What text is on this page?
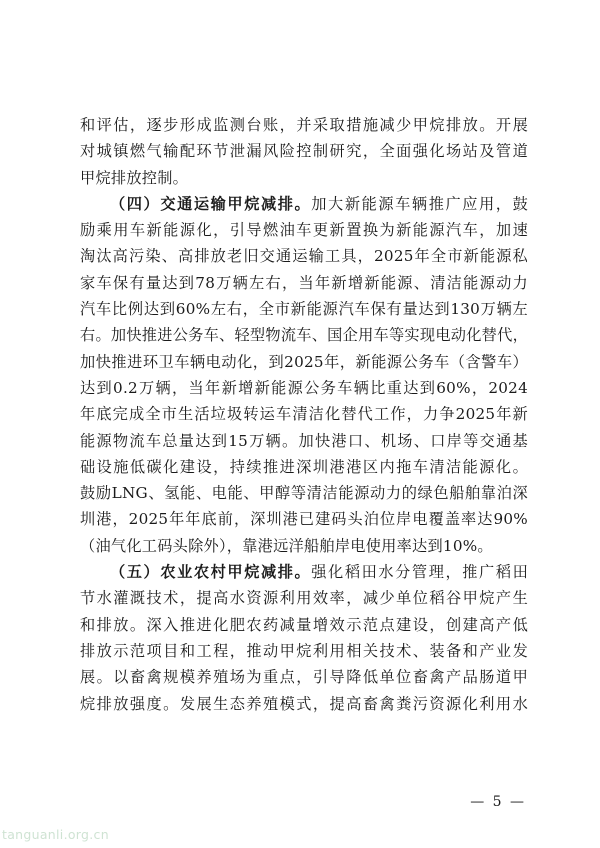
和评估，逐步形成监测台账，并采取措施减少甲烷排放。开展
对城镇燃气输配环节泄漏风险控制研究，全面强化场站及管道
甲烷排放控制。
（四）交通运输甲烷减排。加大新能源车辆推广应用，鼓
励乘用车新能源化，引导燃油车更新置换为新能源汽车，加速
淘汰高污染、高排放老旧交通运输工具，2025年全市新能源私
家车保有量达到78万辆左右，当年新增新能源、清洁能源动力
汽车比例达到60%左右，全市新能源汽车保有量达到130万辆左
右。加快推进公务车、轻型物流车、国企用车等实现电动化替代，
加快推进环卫车辆电动化，到2025年，新能源公务车（含警车）
达到0.2万辆，当年新增新能源公务车辆比重达到60%，2024
年底完成全市生活垃圾转运车清洁化替代工作，力争2025年新
能源物流车总量达到15万辆。加快港口、机场、口岸等交通基
础设施低碳化建设，持续推进深圳港港区内拖车清洁能源化。
鼓励LNG、氢能、电能、甲醇等清洁能源动力的绿色船舶靠泊深
圳港，2025年年底前，深圳港已建码头泊位岸电覆盖率达90%
（油气化工码头除外），靠港远洋船舶岸电使用率达到10%。
（五）农业农村甲烷减排。强化稻田水分管理，推广稻田
节水灌溉技术，提高水资源利用效率，减少单位稻谷甲烷产生
和排放。深入推进化肥农药减量增效示范点建设，创建高产低
排放示范项目和工程，推动甲烷利用相关技术、装备和产业发
展。以畜禽规模养殖场为重点，引导降低单位畜禽产品肠道甲
烷排放强度。发展生态养殖模式，提高畜禽粪污资源化利用水
— 5 —
tanguanli.org.cn
